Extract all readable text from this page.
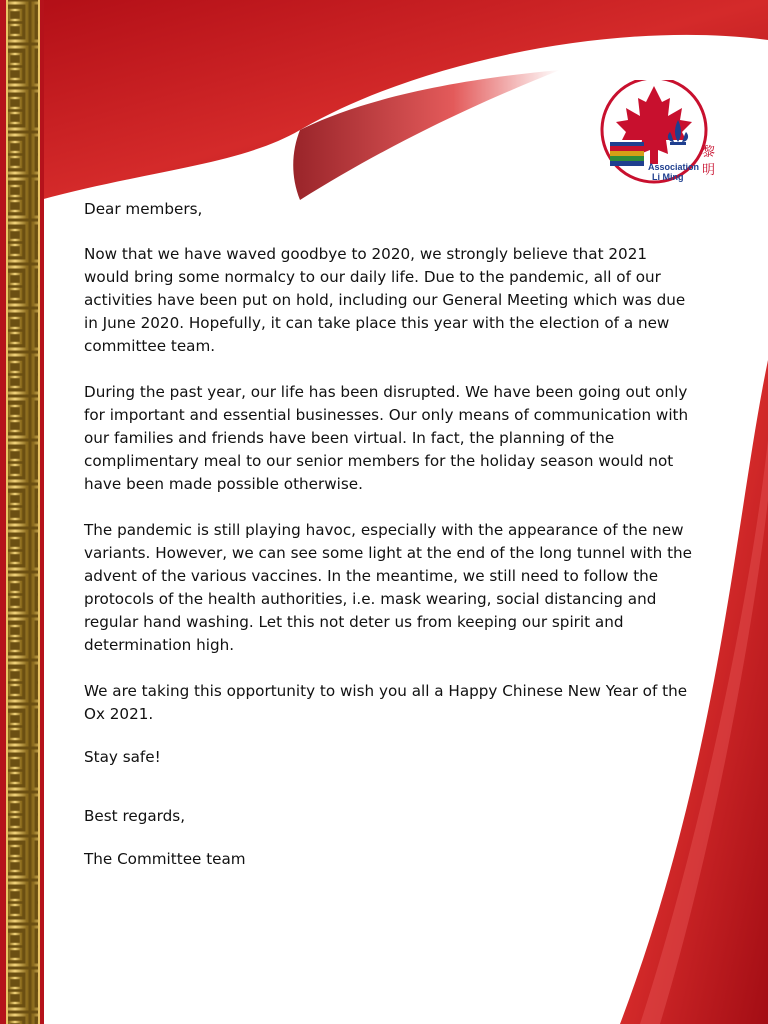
Association
Li Ming
黎
明

Dear members,

Now that we have waved goodbye to 2020, we strongly believe that 2021 would bring some normalcy to our daily life. Due to the pandemic, all of our activities have been put on hold, including our General Meeting which was due in June 2020. Hopefully, it can take place this year with the election of a new committee team.

During the past year, our life has been disrupted. We have been going out only for important and essential businesses. Our only means of communication with our families and friends have been virtual. In fact, the planning of the complimentary meal to our senior members for the holiday season would not have been made possible otherwise.

The pandemic is still playing havoc, especially with the appearance of the new variants. However, we can see some light at the end of the long tunnel with the advent of the various vaccines. In the meantime, we still need to follow the protocols of the health authorities, i.e. mask wearing, social distancing and regular hand washing. Let this not deter us from keeping our spirit and determination high.

We are taking this opportunity to wish you all a Happy Chinese New Year of the Ox 2021.

Stay safe!

Best regards,

The Committee team
